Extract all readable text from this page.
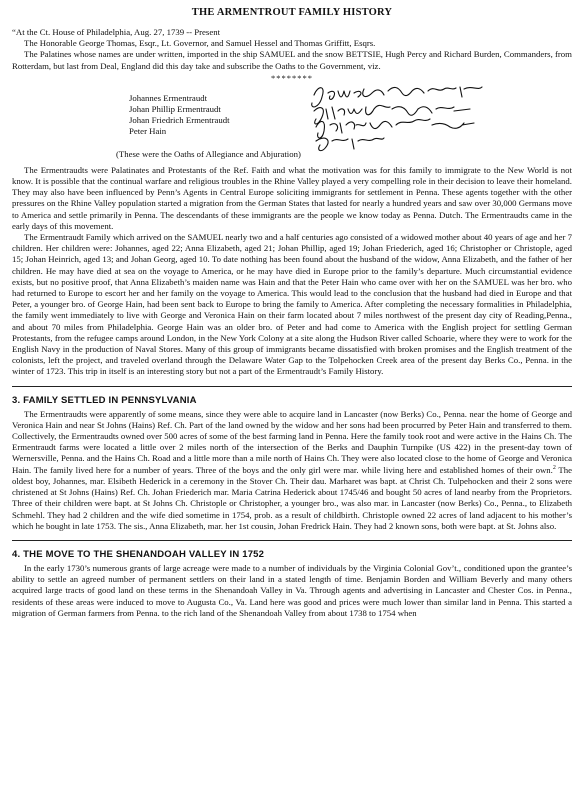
THE ARMENTROUT FAMILY HISTORY

“At the Ct. House of Philadelphia, Aug. 27, 1739 -- Present

The Honorable George Thomas, Esqr., Lt. Governor, and Samuel Hessel and Thomas Griffitt, Esqrs.

The Palatines whose names are under written, imported in the ship SAMUEL and the snow BETTSIE, Hugh Percy and Richard Burden, Commanders, from Rotterdam, but last from Deal, England did this day take and subscribe the Oaths to the Government, viz.

********
Johannes Ermentraudt
Johan Phillip Ermentraudt
Johan Friedrich Ermentraudt
Peter Hain
(These were the Oaths of Allegiance and Abjuration)

The Ermentraudts were Palatinates and Protestants of the Ref. Faith and what the motivation was for this family to immigrate to the New World is not know. It is possible that the continual warfare and religious troubles in the Rhine Valley played a very compelling role in their decision to leave their homeland. They may also have been influenced by Penn’s Agents in Central Europe soliciting immigrants for settlement in Penna. These agents together with the other pressures on the Rhine Valley population started a migration from the German States that lasted for nearly a hundred years and saw over 30,000 Germans move to America and settle primarily in Penna. The descendants of these immigrants are the people we know today as Penna. Dutch. The Ermentraudts came in the early days of this movement.

The Ermentraudt Family which arrived on the SAMUEL nearly two and a half centuries ago consisted of a widowed mother about 40 years of age and her 7 children. Her children were: Johannes, aged 22; Anna Elizabeth, aged 21; Johan Phillip, aged 19; Johan Friederich, aged 16; Christopher or Christople, aged 15; Johan Heinrich, aged 13; and Johan Georg, aged 10. To date nothing has been found about the husband of the widow, Anna Elizabeth, and the father of her children. He may have died at sea on the voyage to America, or he may have died in Europe prior to the family’s departure. Much circumstantial evidence exists, but no positive proof, that Anna Elizabeth’s maiden name was Hain and that the Peter Hain who came over with her on the SAMUEL was her bro. who had returned to Europe to escort her and her family on the voyage to America. This would lead to the conclusion that the husband had died in Europe and that Peter, a younger bro. of George Hain, had been sent back to Europe to bring the family to America. After completing the necessary formalities in Philadelphia, the family went immediately to live with George and Veronica Hain on their farm located about 7 miles northwest of the present day city of Reading,Penna., and about 70 miles from Philadelphia. George Hain was an older bro. of Peter and had come to America with the English project for settling German Protestants, from the refugee camps around London, in the New York Colony at a site along the Hudson River called Schoarie, where they were to work for the English Navy in the production of Naval Stores. Many of this group of immigrants became dissatisfied with broken promises and the English treatment of the colonists, left the project, and traveled overland through the Delaware Water Gap to the Tolpehocken Creek area of the present day Berks Co., Penna. in the winter of 1723. This trip in itself is an interesting story but not a part of the Ermentraudt’s Family History.

3. FAMILY SETTLED IN PENNSYLVANIA

The Ermentraudts were apparently of some means, since they were able to acquire land in Lancaster (now Berks) Co., Penna. near the home of George and Veronica Hain and near St Johns (Hains) Ref. Ch. Part of the land owned by the widow and her sons had been procurred by Peter Hain and transferred to them. Collectively, the Ermentraudts owned over 500 acres of some of the best farming land in Penna. Here the family took root and were active in the Hains Ch. The Ermentraudt farms were located a little over 2 miles north of the intersection of the Berks and Dauphin Turnpike (US 422) in the present-day town of Wernersville, Penna. and the Hains Ch. Road and a little more than a mile north of Hains Ch. They were also located close to the home of George and Veronica Hain. The family lived here for a number of years. Three of the boys and the only girl were mar. while living here and established homes of their own.$^2$ The oldest boy, Johannes, mar. Elsibeth Hederick in a ceremony in the Stover Ch. Their dau. Marharet was bapt. at Christ Ch. Tulpehocken and their 2 sons were christened at St Johns (Hains) Ref. Ch. Johan Friederich mar. Maria Catrina Hederick about 1745/46 and bought 50 acres of land nearby from the Proprietors. Three of their children were bapt. at St Johns Ch. Christople or Christopher, a younger bro., was also mar. in Lancaster (now Berks) Co., Penna., to Elizabeth Schmehl. They had 2 children and the wife died sometime in 1754, prob. as a result of childbirth. Christople owned 22 acres of land adjacent to his mother’s which he bought in late 1753. The sis., Anna Elizabeth, mar. her 1st cousin, Johan Fredrick Hain. They had 2 known sons, both were bapt. at St. Johns also.

4. THE MOVE TO THE SHENANDOAH VALLEY IN 1752

In the early 1730’s numerous grants of large acreage were made to a number of individuals by the Virginia Colonial Gov’t., conditioned upon the grantee’s ability to settle an agreed number of permanent settlers on their land in a stated length of time. Benjamin Borden and William Beverly and many others acquired large tracts of good land on these terms in the Shenandoah Valley in Va. Through agents and advertising in Lancaster and Chester Cos. in Penna., residents of these areas were induced to move to Augusta Co., Va. Land here was good and prices were much lower than similar land in Penna. This started a migration of German farmers from Penna. to the rich land of the Shenandoah Valley from about 1738 to 1754 when
